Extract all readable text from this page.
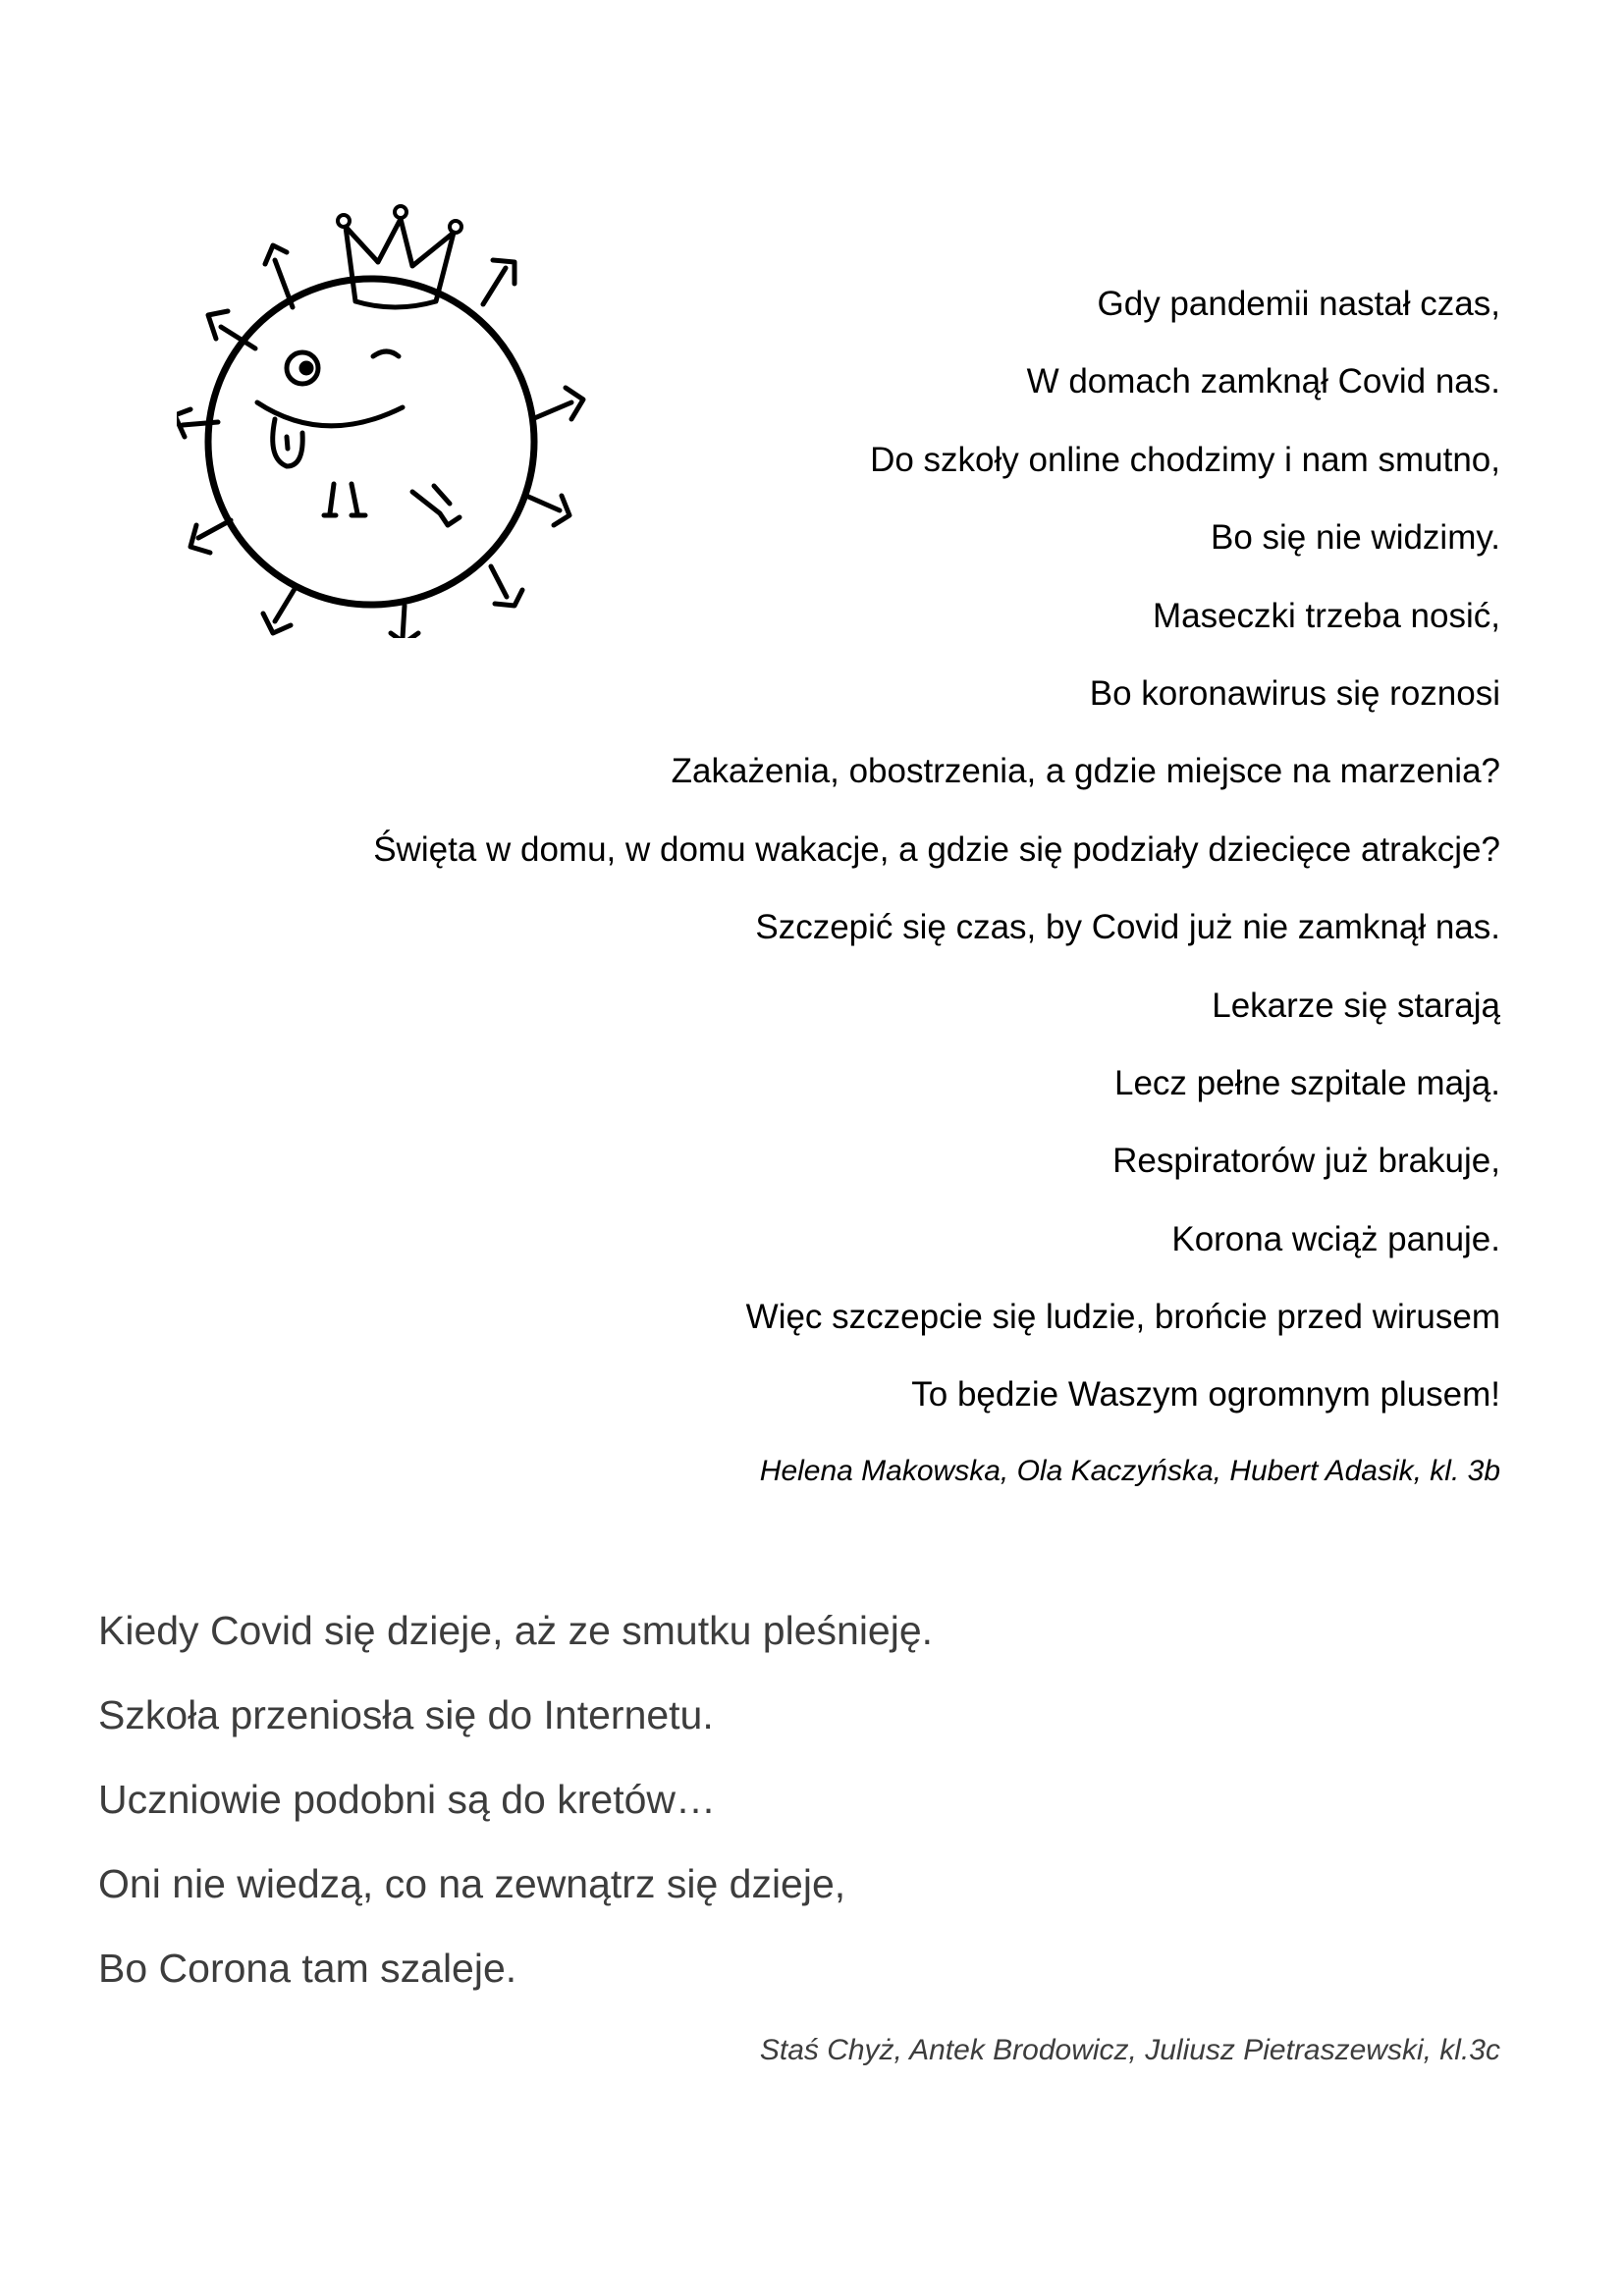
Gdy pandemii nastał czas,
W domach zamknął Covid nas.
Do szkoły online chodzimy i nam smutno,
Bo się nie widzimy.
Maseczki trzeba nosić,
Bo koronawirus się roznosi
Zakażenia, obostrzenia, a gdzie miejsce na marzenia?
Święta w domu, w domu wakacje, a gdzie się podziały dziecięce atrakcje?
Szczepić się czas, by Covid już nie zamknął nas.
Lekarze się starają
Lecz pełne szpitale mają.
Respiratorów już brakuje,
Korona wciąż panuje.
Więc szczepcie się ludzie, brońcie przed wirusem
To będzie Waszym ogromnym plusem!
Helena Makowska, Ola Kaczyńska, Hubert Adasik, kl. 3b
Kiedy Covid się dzieje, aż ze smutku pleśnieję.
Szkoła przeniosła się do Internetu.
Uczniowie podobni są do kretów…
Oni nie wiedzą, co na zewnątrz się dzieje,
Bo Corona tam szaleje.
Staś Chyż, Antek Brodowicz, Juliusz Pietraszewski, kl.3c
